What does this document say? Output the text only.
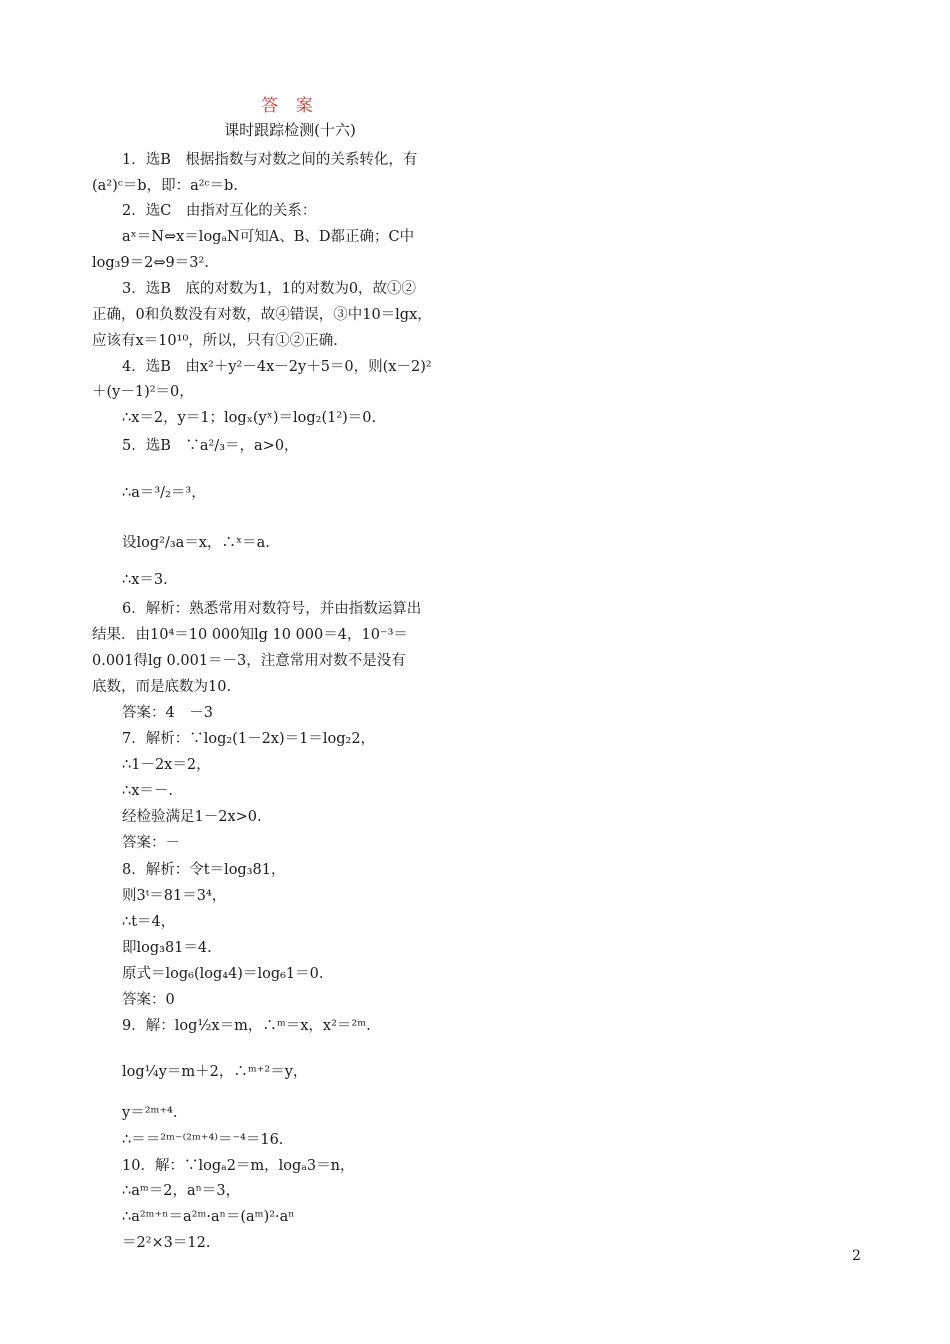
答 案
课时跟踪检测(十六)
1．选B　根据指数与对数之间的关系转化，有
(a²)ᶜ＝b，即：a²ᶜ＝b.
2．选C　由指对互化的关系：
aˣ＝N⇔x＝logₐN可知A、B、D都正确；C中
log₃9＝2⇔9＝3².
3．选B　底的对数为1，1的对数为0，故①②
正确，0和负数没有对数，故④错误，③中10＝lgx，
应该有x＝10¹⁰，所以，只有①②正确.
4．选B　由x²＋y²－4x－2y＋5＝0，则(x－2)²
＋(y－1)²＝0，
∴x＝2，y＝1；logₓ(yˣ)＝log₂(1²)＝0.
5．选B　∵a²/₃＝，a>0，
∴a＝³/₂＝³，
设log²/₃a＝x，∴ˣ＝a.
∴x＝3.
6．解析：熟悉常用对数符号，并由指数运算出
结果．由10⁴＝10 000知lg 10 000＝4，10⁻³＝
0.001得lg 0.001＝－3，注意常用对数不是没有
底数，而是底数为10.
答案：4　－3
7．解析：∵log₂(1－2x)＝1＝log₂2，
∴1－2x＝2，
∴x＝－.
经检验满足1－2x>0.
答案：－
8．解析：令t＝log₃81，
则3ᵗ＝81＝3⁴，
∴t＝4，
即log₃81＝4.
原式＝log₆(log₄4)＝log₆1＝0.
答案：0
9．解：log½x＝m，∴ᵐ＝x，x²＝²ᵐ.
log¼y＝m＋2，∴ᵐ⁺²＝y，
y＝²ᵐ⁺⁴.
∴＝＝²ᵐ⁻⁽²ᵐ⁺⁴⁾＝⁻⁴＝16.
10．解：∵logₐ2＝m，logₐ3＝n，
∴aᵐ＝2，aⁿ＝3，
∴a²ᵐ⁺ⁿ＝a²ᵐ·aⁿ＝(aᵐ)²·aⁿ
＝2²×3＝12.
2
